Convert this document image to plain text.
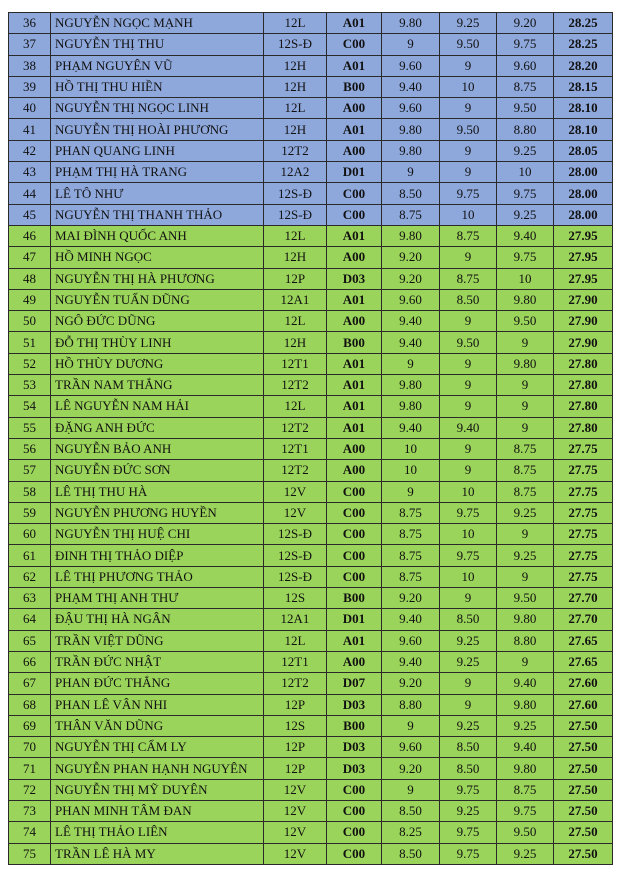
36	NGUYỄN NGỌC MẠNH	12L	A01	9.80	9.25	9.20	28.25
37	NGUYỄN THỊ THU	12S-Đ	C00	9	9.50	9.75	28.25
38	PHẠM NGUYÊN VŨ	12H	A01	9.60	9	9.60	28.20
39	HỒ THỊ THU HIỀN	12H	B00	9.40	10	8.75	28.15
40	NGUYỄN THỊ NGỌC LINH	12L	A00	9.60	9	9.50	28.10
41	NGUYỄN THỊ HOÀI PHƯƠNG	12H	A01	9.80	9.50	8.80	28.10
42	PHAN QUANG LINH	12T2	A00	9.80	9	9.25	28.05
43	PHẠM THỊ HÀ TRANG	12A2	D01	9	9	10	28.00
44	LÊ TÔ NHƯ	12S-Đ	C00	8.50	9.75	9.75	28.00
45	NGUYỄN THỊ THANH THẢO	12S-Đ	C00	8.75	10	9.25	28.00
46	MAI ĐÌNH QUỐC ANH	12L	A01	9.80	8.75	9.40	27.95
47	HỒ MINH NGỌC	12H	A00	9.20	9	9.75	27.95
48	NGUYỄN THỊ HÀ PHƯƠNG	12P	D03	9.20	8.75	10	27.95
49	NGUYỄN TUẤN DŨNG	12A1	A01	9.60	8.50	9.80	27.90
50	NGÔ ĐỨC DŨNG	12L	A00	9.40	9	9.50	27.90
51	ĐỖ THỊ THÙY LINH	12H	B00	9.40	9.50	9	27.90
52	HỒ THÙY DƯƠNG	12T1	A01	9	9	9.80	27.80
53	TRẦN NAM THẮNG	12T2	A01	9.80	9	9	27.80
54	LÊ NGUYỄN NAM HẢI	12L	A01	9.80	9	9	27.80
55	ĐẶNG ANH ĐỨC	12T2	A01	9.40	9.40	9	27.80
56	NGUYỄN BẢO ANH	12T1	A00	10	9	8.75	27.75
57	NGUYỄN ĐỨC SƠN	12T2	A00	10	9	8.75	27.75
58	LÊ THỊ THU HÀ	12V	C00	9	10	8.75	27.75
59	NGUYỄN PHƯƠNG HUYỀN	12V	C00	8.75	9.75	9.25	27.75
60	NGUYỄN THỊ HUỆ CHI	12S-Đ	C00	8.75	10	9	27.75
61	ĐINH THỊ THẢO DIỆP	12S-Đ	C00	8.75	9.75	9.25	27.75
62	LÊ THỊ PHƯƠNG THẢO	12S-Đ	C00	8.75	10	9	27.75
63	PHẠM THỊ ANH THƯ	12S	B00	9.20	9	9.50	27.70
64	ĐẬU THỊ HÀ NGÂN	12A1	D01	9.40	8.50	9.80	27.70
65	TRẦN VIỆT DŨNG	12L	A01	9.60	9.25	8.80	27.65
66	TRẦN ĐỨC NHẬT	12T1	A00	9.40	9.25	9	27.65
67	PHAN ĐỨC THẮNG	12T2	D07	9.20	9	9.40	27.60
68	PHAN LÊ VÂN NHI	12P	D03	8.80	9	9.80	27.60
69	THÂN VĂN DŨNG	12S	B00	9	9.25	9.25	27.50
70	NGUYỄN THỊ CẨM LY	12P	D03	9.60	8.50	9.40	27.50
71	NGUYỄN PHAN HẠNH NGUYÊN	12P	D03	9.20	8.50	9.80	27.50
72	NGUYỄN THỊ MỸ DUYÊN	12V	C00	9	9.75	8.75	27.50
73	PHAN MINH TÂM ĐAN	12V	C00	8.50	9.25	9.75	27.50
74	LÊ THỊ THẢO LIÊN	12V	C00	8.25	9.75	9.50	27.50
75	TRẦN LÊ HÀ MY	12V	C00	8.50	9.75	9.25	27.50
